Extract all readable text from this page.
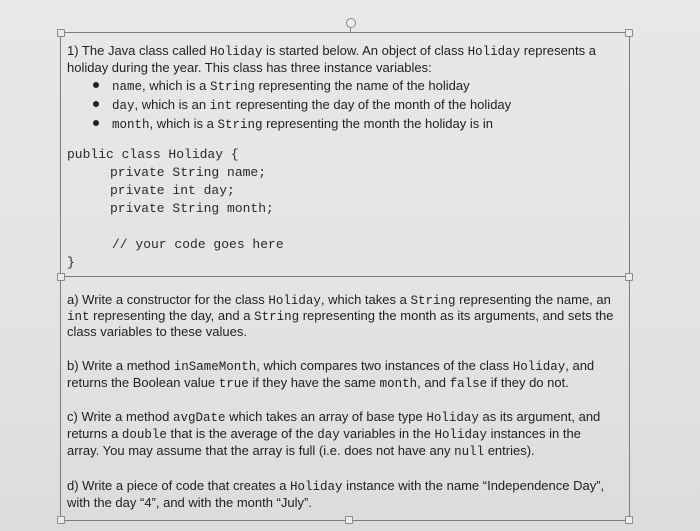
1) The Java class called Holiday is started below. An object of class Holiday represents a
holiday during the year. This class has three instance variables:
name, which is a String representing the name of the holiday
day, which is an int representing the day of the month of the holiday
month, which is a String representing the month the holiday is in
public class Holiday {
private String name;
private int day;
private String month;
// your code goes here
}
a) Write a constructor for the class Holiday, which takes a String representing the name, an
int representing the day, and a String representing the month as its arguments, and sets the
class variables to these values.
b) Write a method inSameMonth, which compares two instances of the class Holiday, and
returns the Boolean value true if they have the same month, and false if they do not.
c) Write a method avgDate which takes an array of base type Holiday as its argument, and
returns a double that is the average of the day variables in the Holiday instances in the
array. You may assume that the array is full (i.e. does not have any null entries).
d) Write a piece of code that creates a Holiday instance with the name “Independence Day”,
with the day “4”, and with the month “July”.
